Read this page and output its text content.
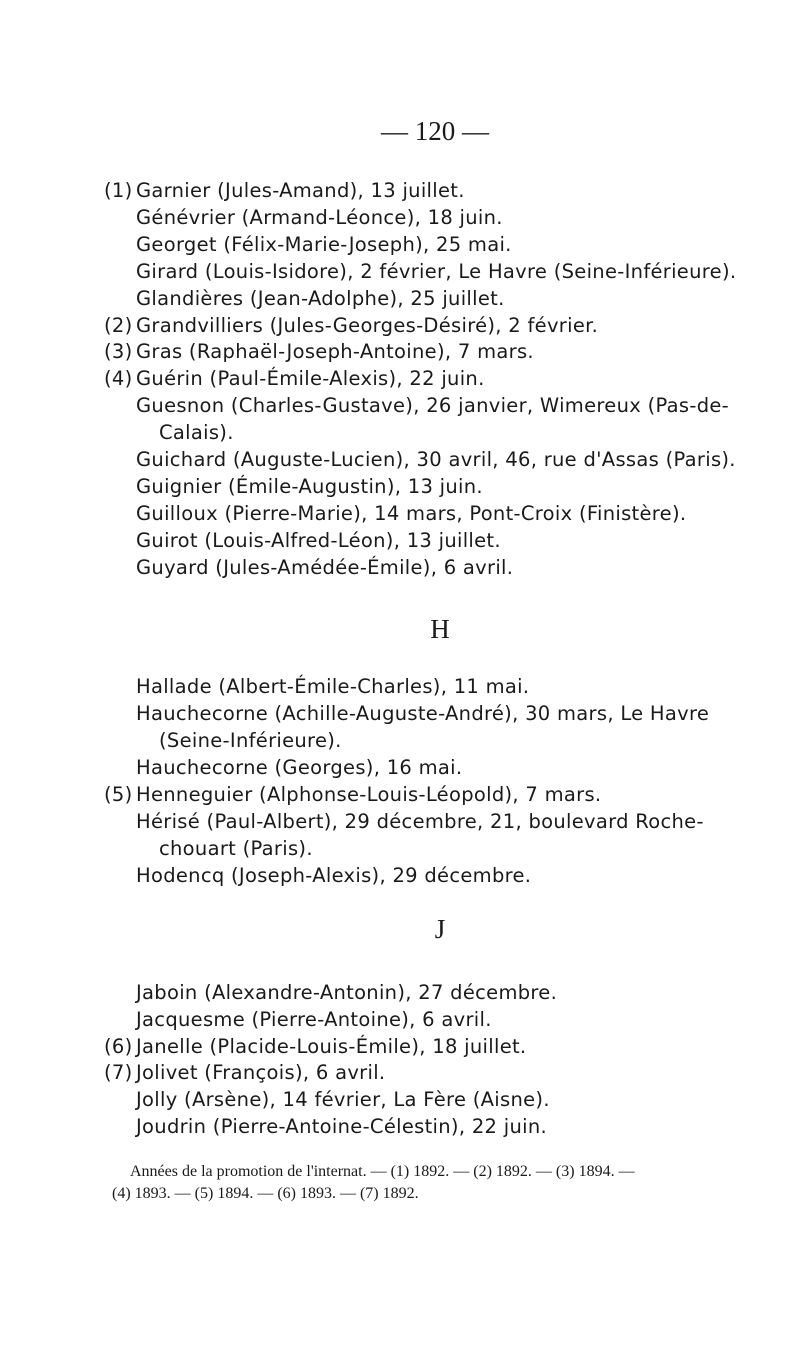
— 120 —
(1) Garnier (Jules-Amand), 13 juillet.
Génévrier (Armand-Léonce), 18 juin.
Georget (Félix-Marie-Joseph), 25 mai.
Girard (Louis-Isidore), 2 février, Le Havre (Seine-Inférieure).
Glandières (Jean-Adolphe), 25 juillet.
(2) Grandvilliers (Jules-Georges-Désiré), 2 février.
(3) Gras (Raphaël-Joseph-Antoine), 7 mars.
(4) Guérin (Paul-Émile-Alexis), 22 juin.
Guesnon (Charles-Gustave), 26 janvier, Wimereux (Pas-de-
Calais).
Guichard (Auguste-Lucien), 30 avril, 46, rue d'Assas (Paris).
Guignier (Émile-Augustin), 13 juin.
Guilloux (Pierre-Marie), 14 mars, Pont-Croix (Finistère).
Guirot (Louis-Alfred-Léon), 13 juillet.
Guyard (Jules-Amédée-Émile), 6 avril.
Hallade (Albert-Émile-Charles), 11 mai.
Hauchecorne (Achille-Auguste-André), 30 mars, Le Havre
(Seine-Inférieure).
Hauchecorne (Georges), 16 mai.
(5) Henneguier (Alphonse-Louis-Léopold), 7 mars.
Hérisé (Paul-Albert), 29 décembre, 21, boulevard Roche-
chouart (Paris).
Hodencq (Joseph-Alexis), 29 décembre.
Jaboin (Alexandre-Antonin), 27 décembre.
Jacquesme (Pierre-Antoine), 6 avril.
(6) Janelle (Placide-Louis-Émile), 18 juillet.
(7) Jolivet (François), 6 avril.
Jolly (Arsène), 14 février, La Fère (Aisne).
Joudrin (Pierre-Antoine-Célestin), 22 juin.
H
J
Années de la promotion de l'internat. — (1) 1892. — (2) 1892. — (3) 1894. —
(4) 1893. — (5) 1894. — (6) 1893. — (7) 1892.
